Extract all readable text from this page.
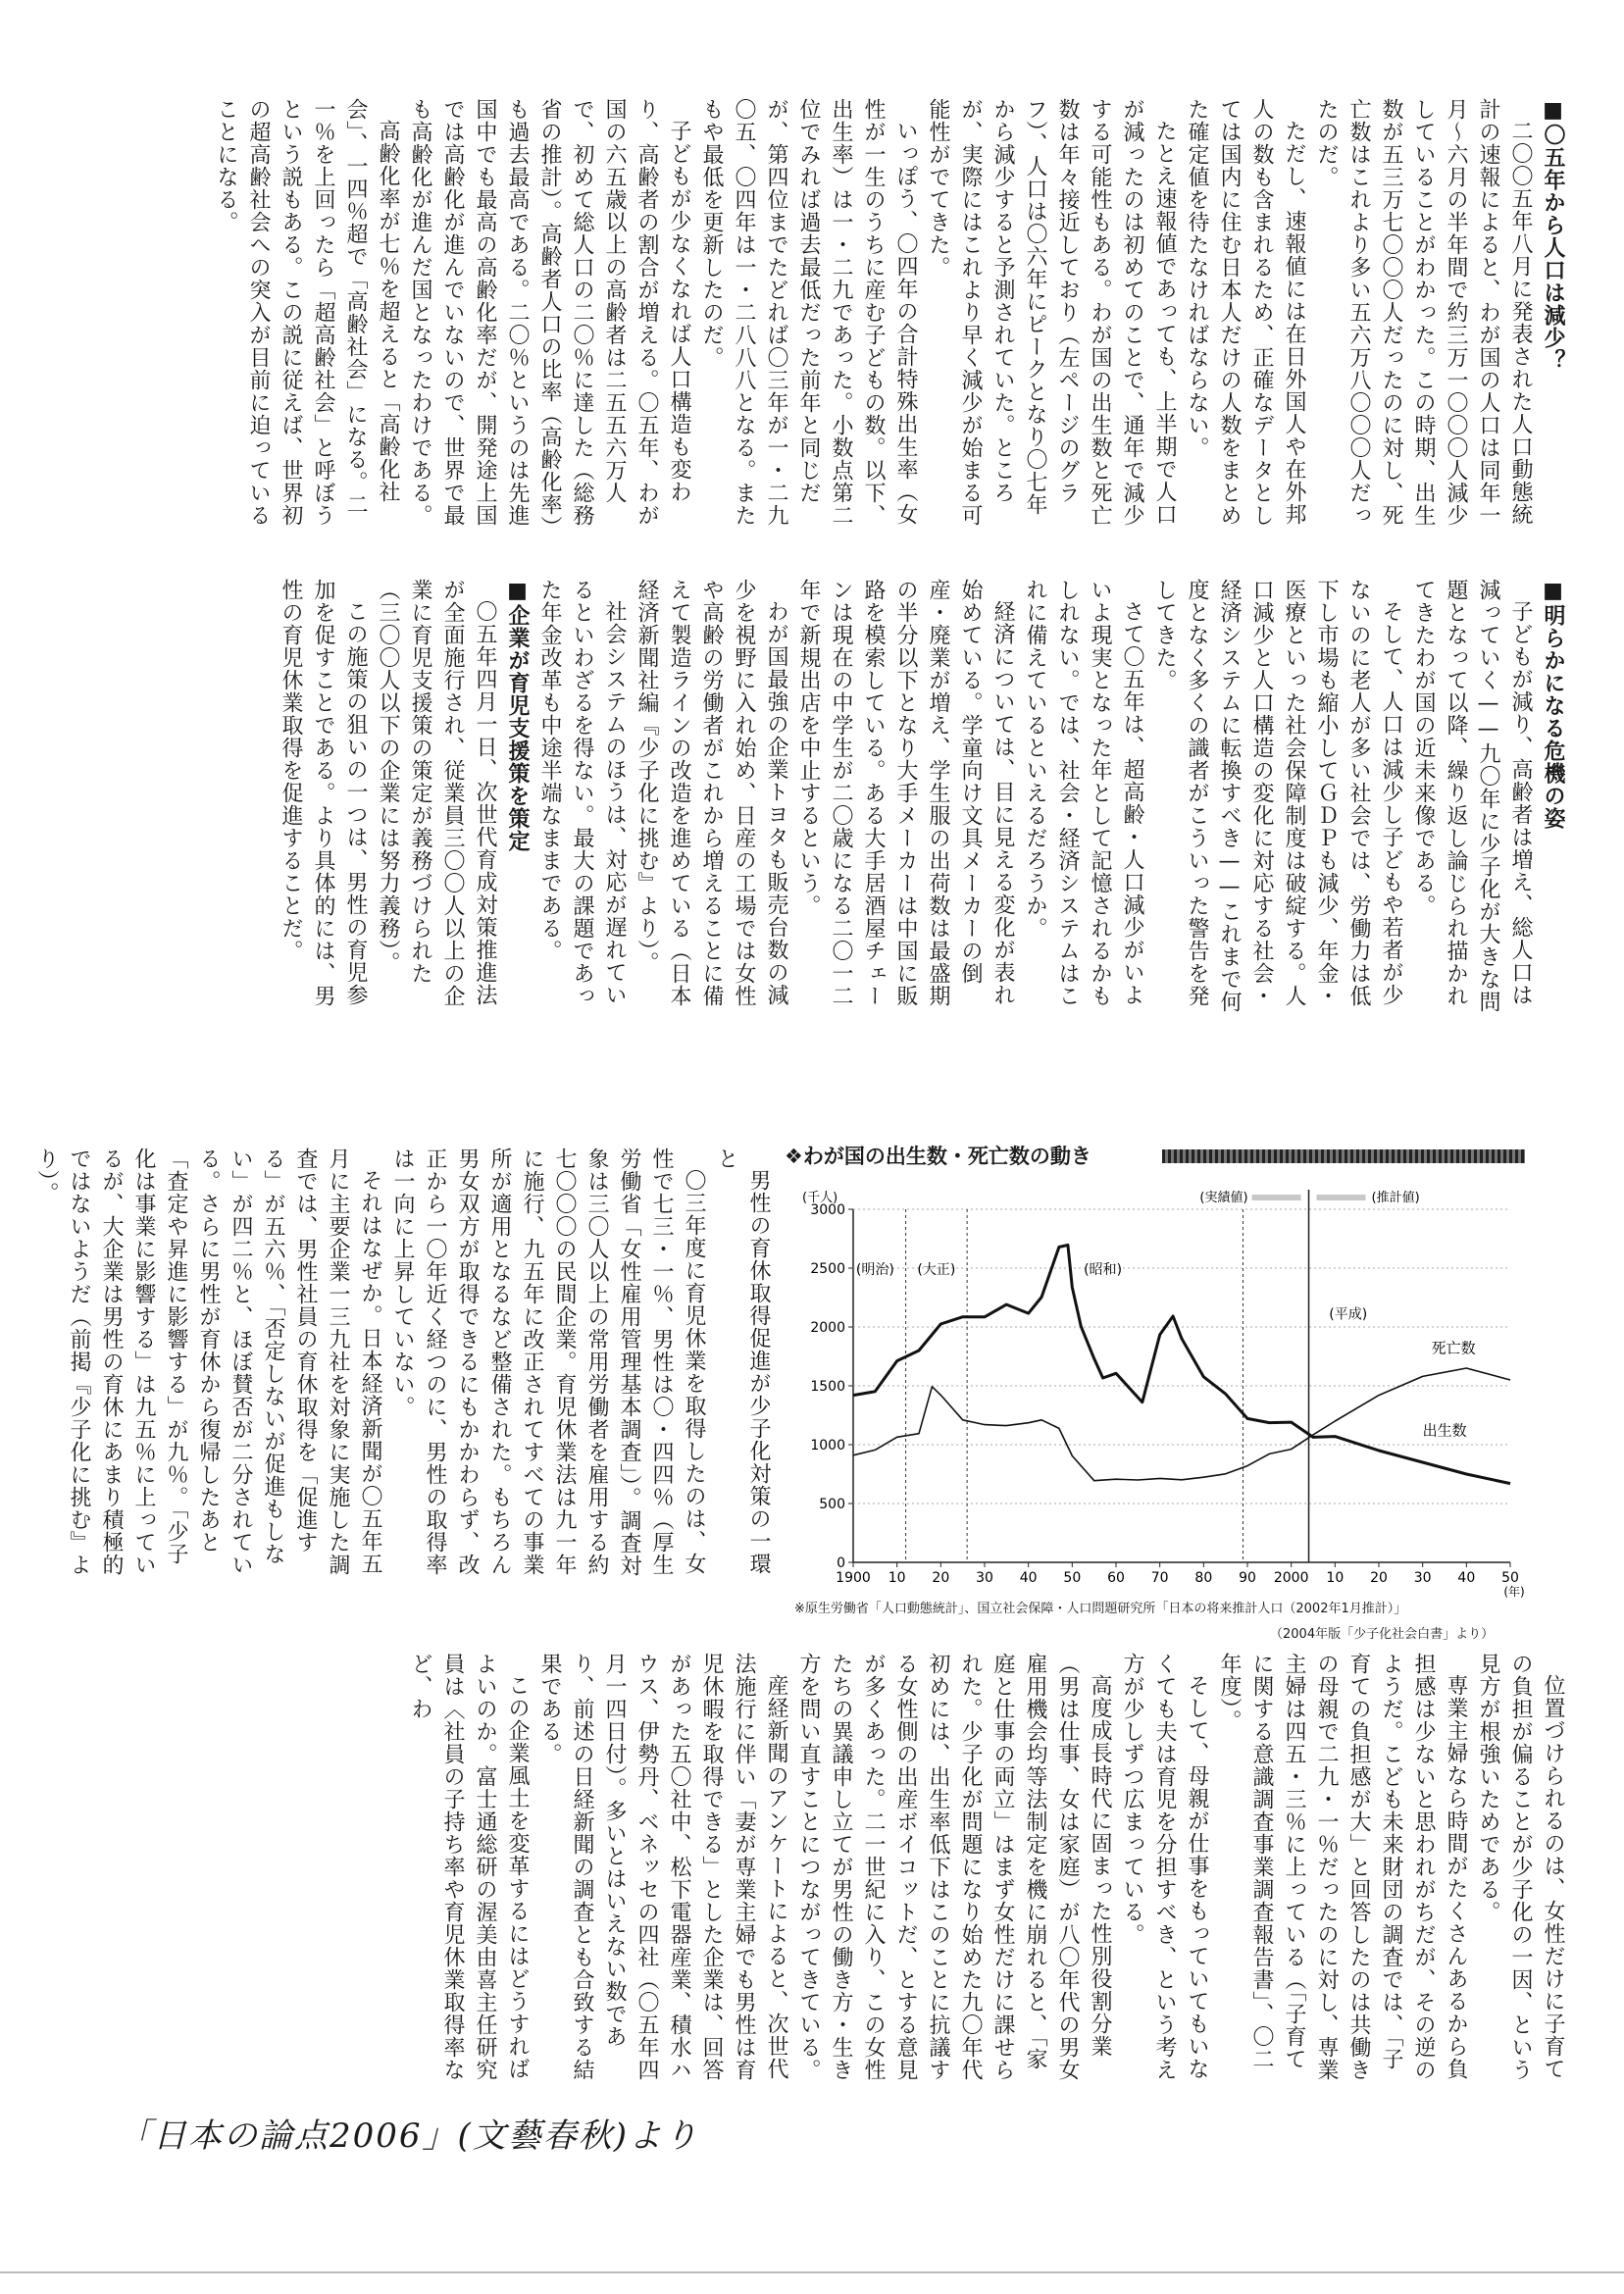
■ 〇五年から人口は減少？

二〇〇五年八月に発表された人口動態統計の速報によると、わが国の人口は同年一月〜六月の半年間で約三万一〇〇〇人減少していることがわかった。この時期、出生数が五三万七〇〇〇人だったのに対し、死亡数はこれより多い五六万八〇〇〇人だったのだ。

ただし、速報値には在日外国人や在外邦人の数も含まれるため、正確なデータとしては国内に住む日本人だけの人数をまとめた確定値を待たなければならない。

たとえ速報値であっても、上半期で人口が減ったのは初めてのことで、通年で減少する可能性もある。わが国の出生数と死亡数は年々接近しており（左ページのグラフ）、人口は〇六年にピークとなり〇七年から減少すると予測されていた。ところが、実際にはこれより早く減少が始まる可能性がでてきた。

いっぽう、〇四年の合計特殊出生率（女性が一生のうちに産む子どもの数。以下、出生率）は一・二九であった。小数点第二位でみれば過去最低だった前年と同じだが、第四位までたどれば〇三年が一・二九〇五、〇四年は一・二八八八となる。またもや最低を更新したのだ。

子どもが少なくなれば人口構造も変わり、高齢者の割合が増える。〇五年、わが国の六五歳以上の高齢者は二五五六万人で、初めて総人口の二〇％に達した（総務省の推計）。高齢者人口の比率（高齢化率）も過去最高である。二〇％というのは先進国中でも最高の高齢化率だが、開発途上国では高齢化が進んでいないので、世界で最も高齢化が進んだ国となったわけである。

高齢化率が七％を超えると「高齢化社会」、一四％超で「高齢社会」になる。二一％を上回ったら「超高齢社会」と呼ぼうという説もある。この説に従えば、世界初の超高齢社会への突入が目前に迫っていることになる。

■ 明らかになる危機の姿

子どもが減り、高齢者は増え、総人口は減っていく——九〇年に少子化が大きな問題となって以降、繰り返し論じられ描かれてきたわが国の近未来像である。

そして、人口は減少し子どもや若者が少ないのに老人が多い社会では、労働力は低下し市場も縮小してＧＤＰも減少、年金・医療といった社会保障制度は破綻する。人口減少と人口構造の変化に対応する社会・経済システムに転換すべき——これまで何度となく多くの識者がこういった警告を発してきた。

さて〇五年は、超高齢・人口減少がいよいよ現実となった年として記憶されるかもしれない。では、社会・経済システムはこれに備えているといえるだろうか。

経済については、目に見える変化が表れ始めている。学童向け文具メーカーの倒産・廃業が増え、学生服の出荷数は最盛期の半分以下となり大手メーカーは中国に販路を模索している。ある大手居酒屋チェーンは現在の中学生が二〇歳になる二〇一二年で新規出店を中止するという。

わが国最強の企業トヨタも販売台数の減少を視野に入れ始め、日産の工場では女性や高齢の労働者がこれから増えることに備えて製造ラインの改造を進めている（日本経済新聞社編『少子化に挑む』より）。

社会システムのほうは、対応が遅れているといわざるを得ない。最大の課題であった年金改革も中途半端なままである。

■ 企業が育児支援策を策定

〇五年四月一日、次世代育成対策推進法が全面施行され、従業員三〇〇人以上の企業に育児支援策の策定が義務づけられた（三〇〇人以下の企業には努力義務）。

この施策の狙いの一つは、男性の育児参加を促すことである。より具体的には、男性の育児休業取得を促進することだ。

男性の育休取得促進が少子化対策の一環と

〇三年度に育児休業を取得したのは、女性で七三・一％、男性は〇・四四％（厚生労働省「女性雇用管理基本調査」）。調査対象は三〇人以上の常用労働者を雇用する約七〇〇〇の民間企業。育児休業法は九一年に施行、九五年に改正されてすべての事業所が適用となるなど整備された。もちろん男女双方が取得できるにもかかわらず、改正から一〇年近く経つのに、男性の取得率は一向に上昇していない。

それはなぜか。日本経済新聞が〇五年五月に主要企業一三九社を対象に実施した調査では、男性社員の育休取得を「促進する」が五六％、「否定しないが促進もしない」が四二％と、ほぼ賛否が二分されている。さらに男性が育休から復帰したあと「査定や昇進に影響する」が九％。「少子化は事業に影響する」は九五％に上っているが、大企業は男性の育休にあまり積極的ではないようだ（前掲『少子化に挑む』より）。	❖わが国の出生数・死亡数の動き
0
500
1000
1500
2000
2500
3000
(千人)
1900 10 20 30 40 50 60 70 80 90 2000 10 20 30 40 50
(年)
(実績値)	(推計値)
(明治) (大正)	(昭和)
(平成)
死亡数
出生数
※原生労働省「人口動態統計」、国立社会保障・人口問題研究所「日本の将来推計人口（2002年1月推計）」
（2004年版「少子化社会白書」より）

位置づけられるのは、女性だけに子育ての負担が偏ることが少子化の一因、という見方が根強いためである。

専業主婦なら時間がたくさんあるから負担感は少ないと思われがちだが、その逆のようだ。こども未来財団の調査では、「子育ての負担感が大」と回答したのは共働きの母親で二九・一％だったのに対し、専業主婦は四五・三％に上っている（「子育てに関する意識調査事業調査報告書」、〇二年度）。

そして、母親が仕事をもっていてもいなくても夫は育児を分担すべき、という考え方が少しずつ広まっている。

高度成長時代に固まった性別役割分業（男は仕事、女は家庭）が八〇年代の男女雇用機会均等法制定を機に崩れると、「家庭と仕事の両立」はまず女性だけに課せられた。少子化が問題になり始めた九〇年代初めには、出生率低下はこのことに抗議する女性側の出産ボイコットだ、とする意見が多くあった。二一世紀に入り、この女性たちの異議申し立てが男性の働き方・生き方を問い直すことにつながってきている。

産経新聞のアンケートによると、次世代法施行に伴い「妻が専業主婦でも男性は育児休暇を取得できる」とした企業は、回答があった五〇社中、松下電器産業、積水ハウス、伊勢丹、ベネッセの四社（〇五年四月一四日付）。多いとはいえない数であり、前述の日経新聞の調査とも合致する結果である。

この企業風土を変革するにはどうすればよいのか。富士通総研の渥美由喜主任研究員は〈社員の子持ち率や育児休業取得率など、わ

「日本の論点2006」(文藝春秋)より
